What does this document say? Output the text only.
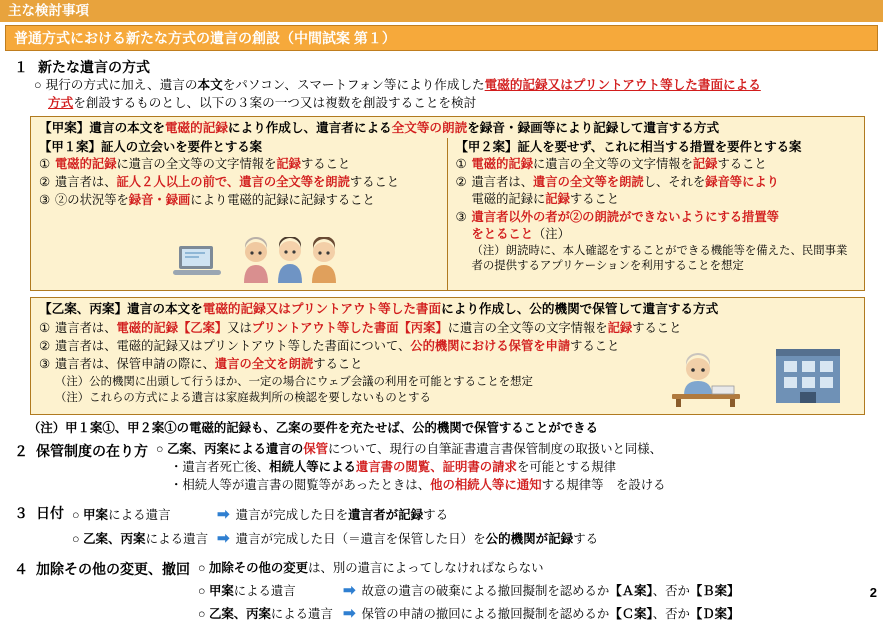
主な検討事項
普通方式における新たな方式の遺言の創設（中間試案 第１）
１ 新たな遺言の方式
○ 現行の方式に加え、遺言の本文をパソコン、スマートフォン等により作成した電磁的記録又はプリントアウト等した書面による
方式を創設するものとし、以下の３案の一つ又は複数を創設することを検討
【甲案】遺言の本文を電磁的記録により作成し、遺言者による全文等の朗読を録音・録画等により記録して遺言する方式
【甲１案】証人の立会いを要件とする案
① 電磁的記録に遺言の全文等の文字情報を記録すること
② 遺言者は、証人２人以上の前で、遺言の全文等を朗読すること
③ ②の状況等を録音・録画により電磁的記録に記録すること
【甲２案】証人を要せず、これに相当する措置を要件とする案
① 電磁的記録に遺言の全文等の文字情報を記録すること
② 遺言者は、遺言の全文等を朗読し、それを録音等により
電磁的記録に記録すること
③ 遺言者以外の者が②の朗読ができないようにする措置等
をとること（注）
（注）朗読時に、本人確認をすることができる機能等を備えた、民間事業者の提供するアプリケーションを利用することを想定
【乙案、丙案】遺言の本文を電磁的記録又はプリントアウト等した書面により作成し、公的機関で保管して遺言する方式
① 遺言者は、電磁的記録【乙案】又はプリントアウト等した書面【丙案】に遺言の全文等の文字情報を記録すること
② 遺言者は、電磁的記録又はプリントアウト等した書面について、公的機関における保管を申請すること
③ 遺言者は、保管申請の際に、遺言の全文を朗読すること
（注）公的機関に出頭して行うほか、一定の場合にウェブ会議の利用を可能とすることを想定
（注）これらの方式による遺言は家庭裁判所の検認を要しないものとする
（注）甲１案①、甲２案①の電磁的記録も、乙案の要件を充たせば、公的機関で保管することができる
２ 保管制度の在り方 ○ 乙案、丙案による遺言の保管について、現行の自筆証書遺言書保管制度の取扱いと同様、
・遺言者死亡後、相続人等による遺言書の閲覧、証明書の請求を可能とする規律
・相続人等が遺言書の閲覧等があったときは、他の相続人等に通知する規律等　を設ける
３ 日付 ○ 甲案による遺言	➡ 遺言が完成した日を遺言者が記録する
○ 乙案、丙案による遺言 ➡ 遺言が完成した日（＝遺言を保管した日）を公的機関が記録する
４ 加除その他の変更、撤回 ○ 加除その他の変更は、別の遺言によってしなければならない
○ 甲案による遺言	➡ 故意の遺言の破棄による撤回擬制を認めるか【Ａ案】、否か【Ｂ案】
○ 乙案、丙案による遺言 ➡ 保管の申請の撤回による撤回擬制を認めるか【Ｃ案】、否か【Ｄ案】
2
